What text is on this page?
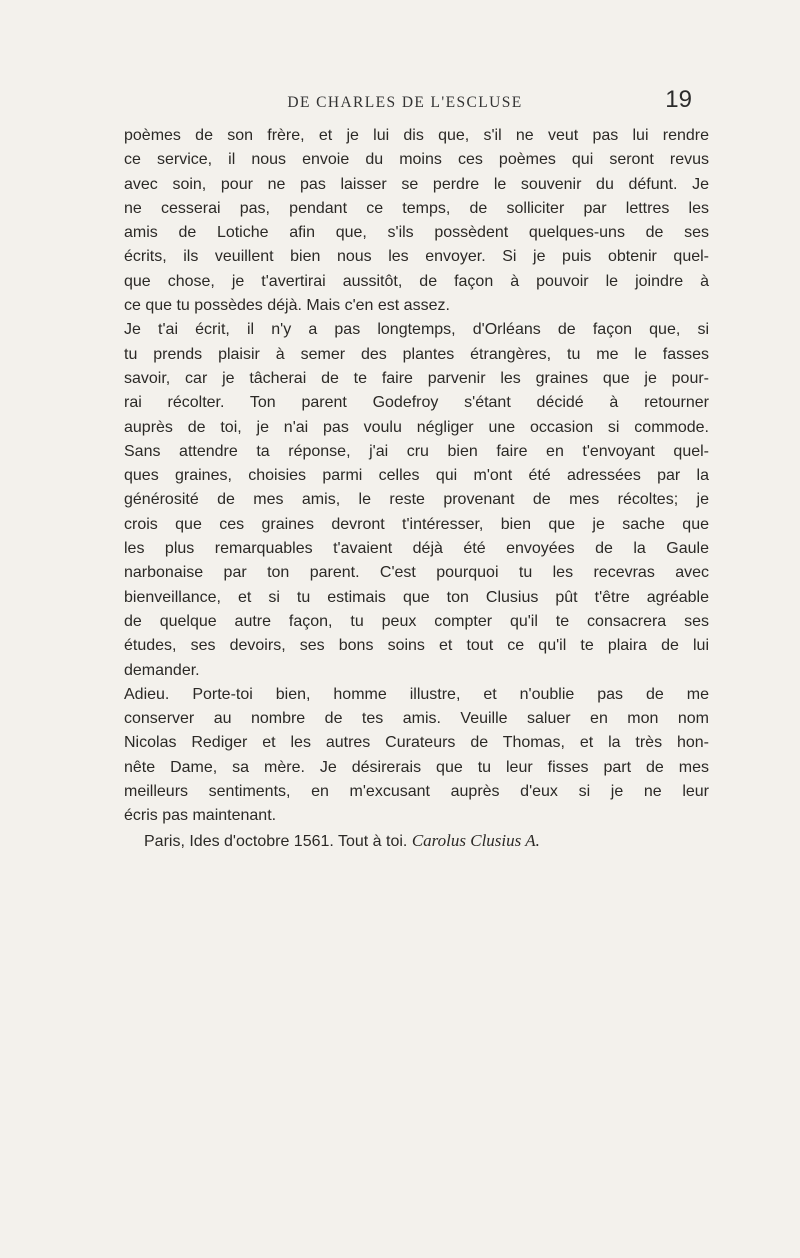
DE CHARLES DE L'ESCLUSE	19

poèmes de son frère, et je lui dis que, s'il ne veut pas lui rendre
ce service, il nous envoie du moins ces poèmes qui seront revus
avec soin, pour ne pas laisser se perdre le souvenir du défunt. Je
ne cesserai pas, pendant ce temps, de solliciter par lettres les
amis de Lotiche afin que, s'ils possèdent quelques-uns de ses
écrits, ils veuillent bien nous les envoyer. Si je puis obtenir quel-
que chose, je t'avertirai aussitôt, de façon à pouvoir le joindre à
ce que tu possèdes déjà. Mais c'en est assez.

Je t'ai écrit, il n'y a pas longtemps, d'Orléans de façon que, si
tu prends plaisir à semer des plantes étrangères, tu me le fasses
savoir, car je tâcherai de te faire parvenir les graines que je pour-
rai récolter. Ton parent Godefroy s'étant décidé à retourner
auprès de toi, je n'ai pas voulu négliger une occasion si commode.
Sans attendre ta réponse, j'ai cru bien faire en t'envoyant quel-
ques graines, choisies parmi celles qui m'ont été adressées par la
générosité de mes amis, le reste provenant de mes récoltes; je
crois que ces graines devront t'intéresser, bien que je sache que
les plus remarquables t'avaient déjà été envoyées de la Gaule
narbonaise par ton parent. C'est pourquoi tu les recevras avec
bienveillance, et si tu estimais que ton Clusius pût t'être agréable
de quelque autre façon, tu peux compter qu'il te consacrera ses
études, ses devoirs, ses bons soins et tout ce qu'il te plaira de lui
demander.

Adieu. Porte-toi bien, homme illustre, et n'oublie pas de me
conserver au nombre de tes amis. Veuille saluer en mon nom
Nicolas Rediger et les autres Curateurs de Thomas, et la très hon-
nête Dame, sa mère. Je désirerais que tu leur fisses part de mes
meilleurs sentiments, en m'excusant auprès d'eux si je ne leur
écris pas maintenant.

Paris, Ides d'octobre 1561. Tout à toi. Carolus Clusius A.
